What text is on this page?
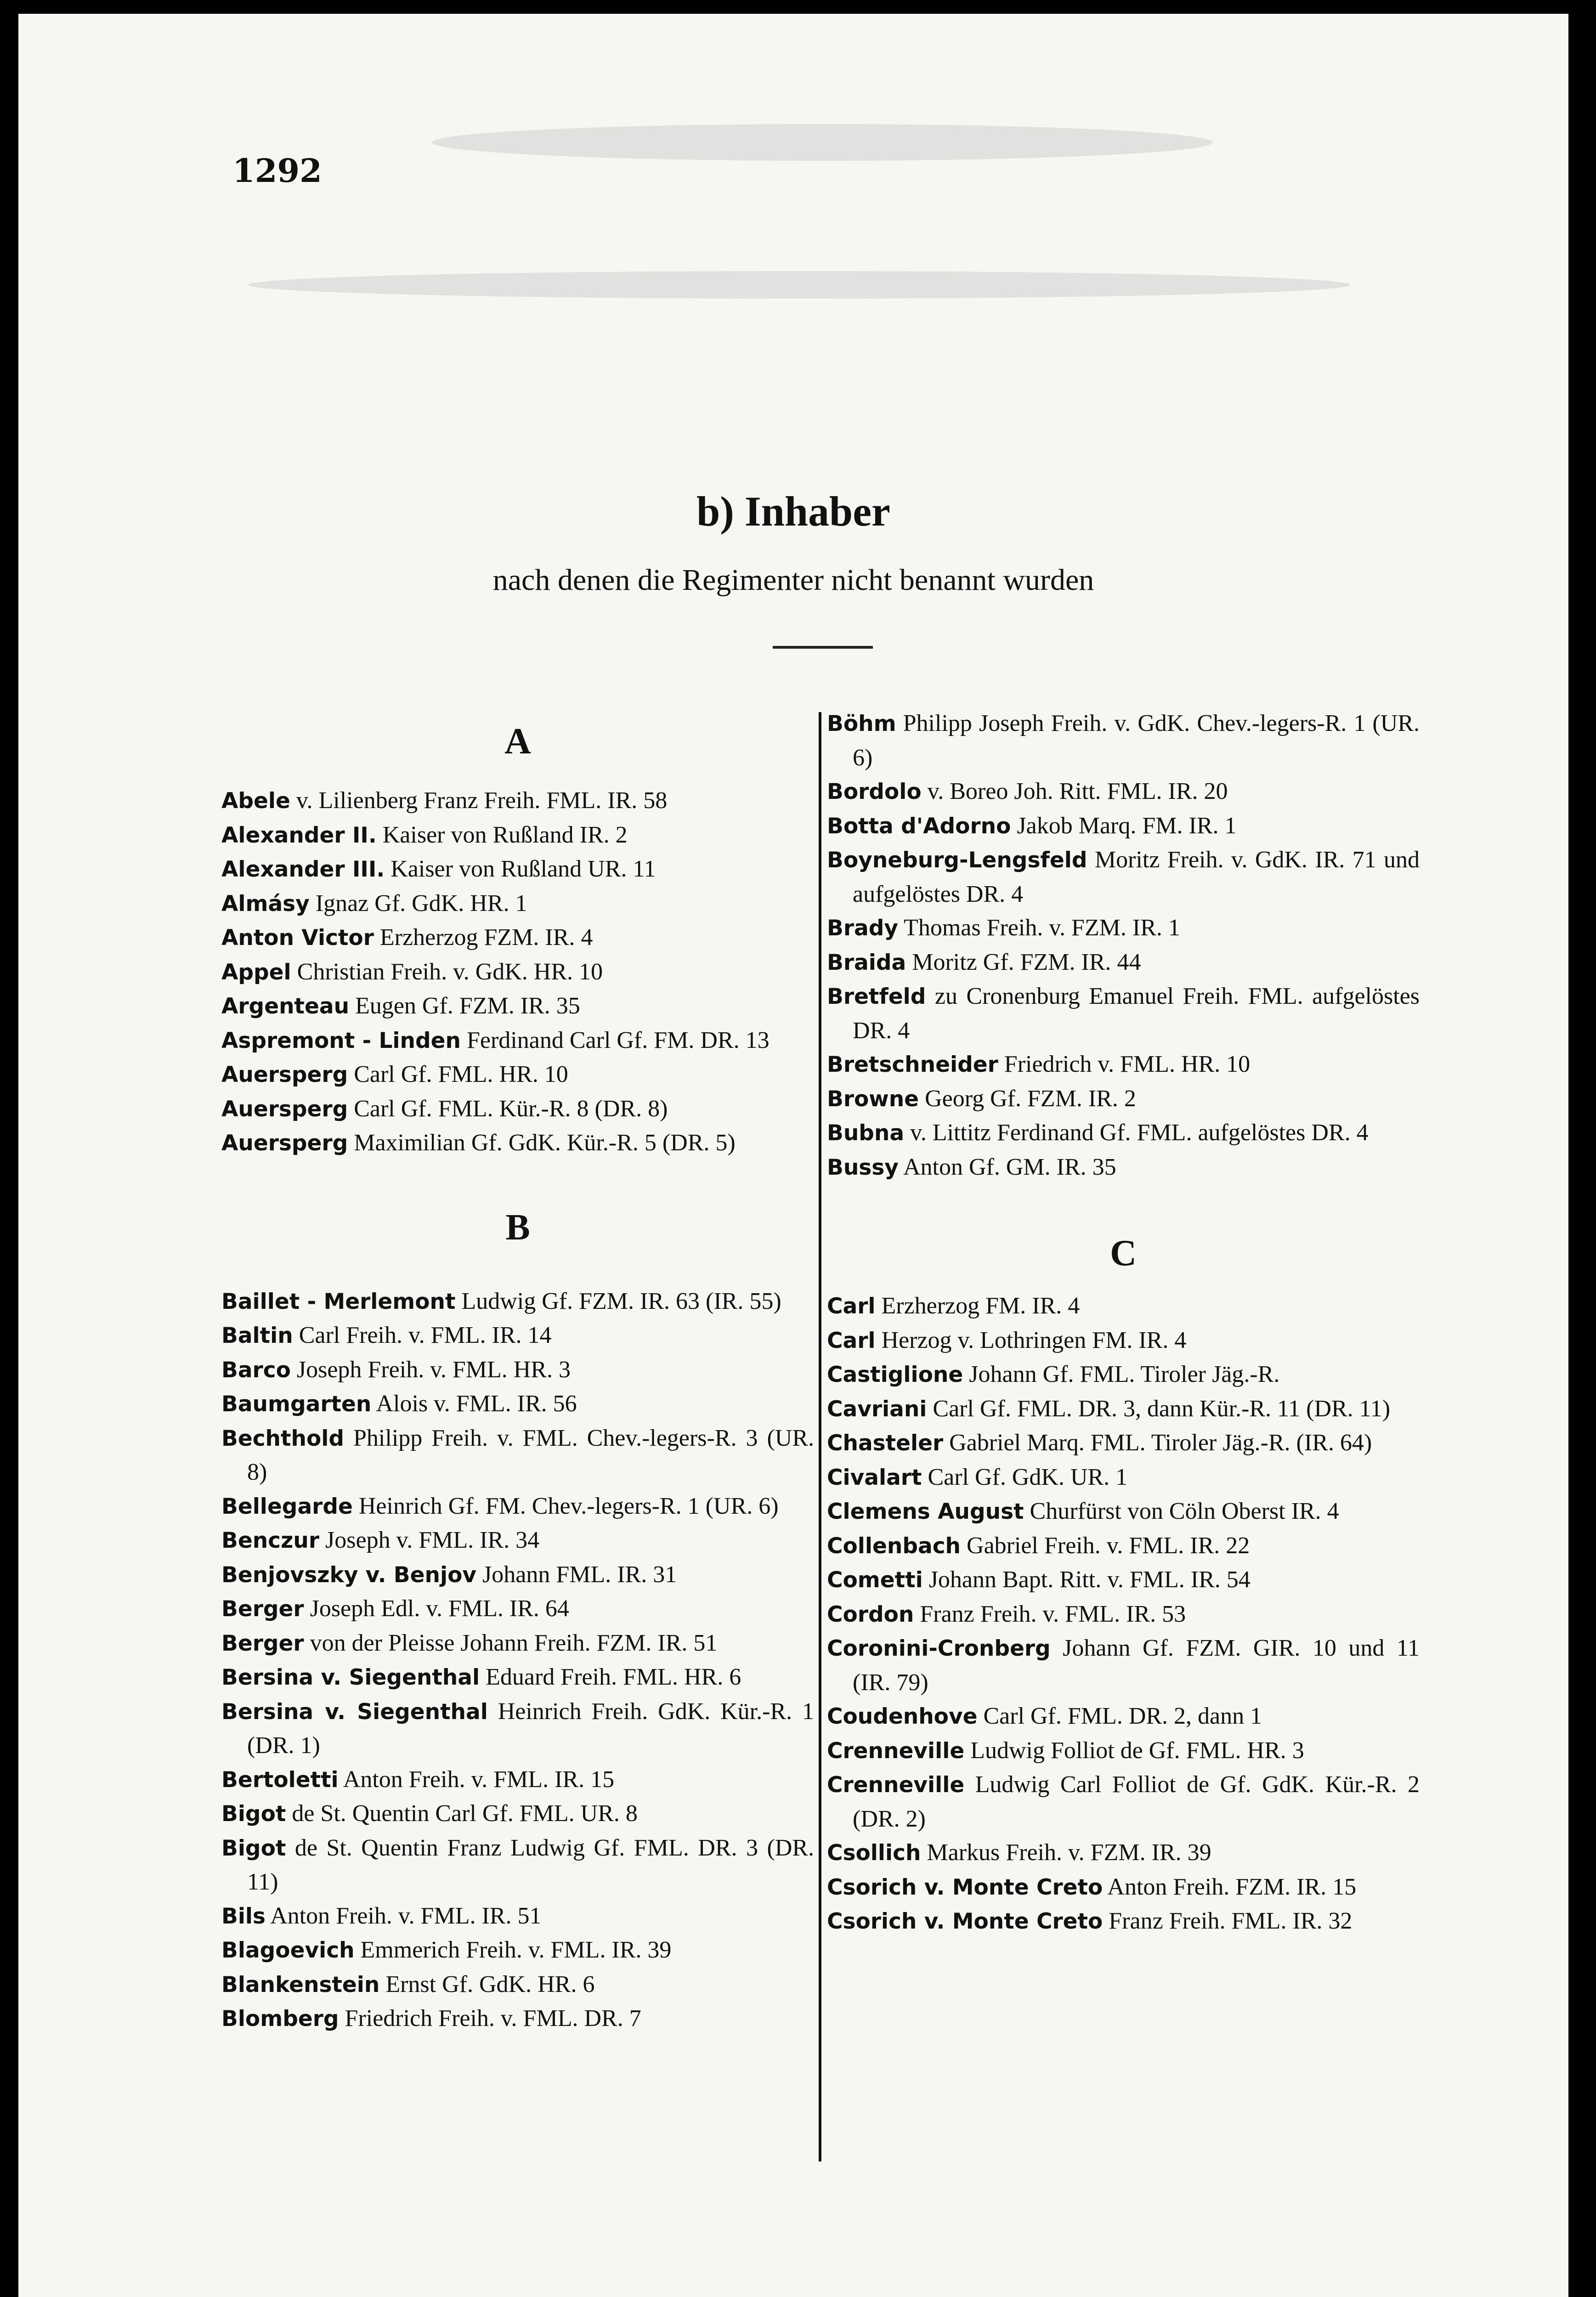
1292
b) Inhaber
nach denen die Regimenter nicht benannt wurden
A
Abele v. Lilienberg Franz Freih. FML. IR. 58
Alexander II. Kaiser von Rußland IR. 2
Alexander III. Kaiser von Rußland UR. 11
Almásy Ignaz Gf. GdK. HR. 1
Anton Victor Erzherzog FZM. IR. 4
Appel Christian Freih. v. GdK. HR. 10
Argenteau Eugen Gf. FZM. IR. 35
Aspremont - Linden Ferdinand Carl Gf. FM. DR. 13
Auersperg Carl Gf. FML. HR. 10
Auersperg Carl Gf. FML. Kür.-R. 8 (DR. 8)
Auersperg Maximilian Gf. GdK. Kür.-R. 5 (DR. 5)
B
Baillet - Merlemont Ludwig Gf. FZM. IR. 63 (IR. 55)
Baltin Carl Freih. v. FML. IR. 14
Barco Joseph Freih. v. FML. HR. 3
Baumgarten Alois v. FML. IR. 56
Bechthold Philipp Freih. v. FML. Chev.-legers-R. 3 (UR. 8)
Bellegarde Heinrich Gf. FM. Chev.-legers-R. 1 (UR. 6)
Benczur Joseph v. FML. IR. 34
Benjovszky v. Benjov Johann FML. IR. 31
Berger Joseph Edl. v. FML. IR. 64
Berger von der Pleisse Johann Freih. FZM. IR. 51
Bersina v. Siegenthal Eduard Freih. FML. HR. 6
Bersina v. Siegenthal Heinrich Freih. GdK. Kür.-R. 1 (DR. 1)
Bertoletti Anton Freih. v. FML. IR. 15
Bigot de St. Quentin Carl Gf. FML. UR. 8
Bigot de St. Quentin Franz Ludwig Gf. FML. DR. 3 (DR. 11)
Bils Anton Freih. v. FML. IR. 51
Blagoevich Emmerich Freih. v. FML. IR. 39
Blankenstein Ernst Gf. GdK. HR. 6
Blomberg Friedrich Freih. v. FML. DR. 7
Böhm Philipp Joseph Freih. v. GdK. Chev.-legers-R. 1 (UR. 6)
Bordolo v. Boreo Joh. Ritt. FML. IR. 20
Botta d'Adorno Jakob Marq. FM. IR. 1
Boyneburg-Lengsfeld Moritz Freih. v. GdK. IR. 71 und aufgelöstes DR. 4
Brady Thomas Freih. v. FZM. IR. 1
Braida Moritz Gf. FZM. IR. 44
Bretfeld zu Cronenburg Emanuel Freih. FML. aufgelöstes DR. 4
Bretschneider Friedrich v. FML. HR. 10
Browne Georg Gf. FZM. IR. 2
Bubna v. Littitz Ferdinand Gf. FML. aufgelöstes DR. 4
Bussy Anton Gf. GM. IR. 35
C
Carl Erzherzog FM. IR. 4
Carl Herzog v. Lothringen FM. IR. 4
Castiglione Johann Gf. FML. Tiroler Jäg.-R.
Cavriani Carl Gf. FML. DR. 3, dann Kür.-R. 11 (DR. 11)
Chasteler Gabriel Marq. FML. Tiroler Jäg.-R. (IR. 64)
Civalart Carl Gf. GdK. UR. 1
Clemens August Churfürst von Cöln Oberst IR. 4
Collenbach Gabriel Freih. v. FML. IR. 22
Cometti Johann Bapt. Ritt. v. FML. IR. 54
Cordon Franz Freih. v. FML. IR. 53
Coronini-Cronberg Johann Gf. FZM. GIR. 10 und 11 (IR. 79)
Coudenhove Carl Gf. FML. DR. 2, dann 1
Crenneville Ludwig Folliot de Gf. FML. HR. 3
Crenneville Ludwig Carl Folliot de Gf. GdK. Kür.-R. 2 (DR. 2)
Csollich Markus Freih. v. FZM. IR. 39
Csorich v. Monte Creto Anton Freih. FZM. IR. 15
Csorich v. Monte Creto Franz Freih. FML. IR. 32
